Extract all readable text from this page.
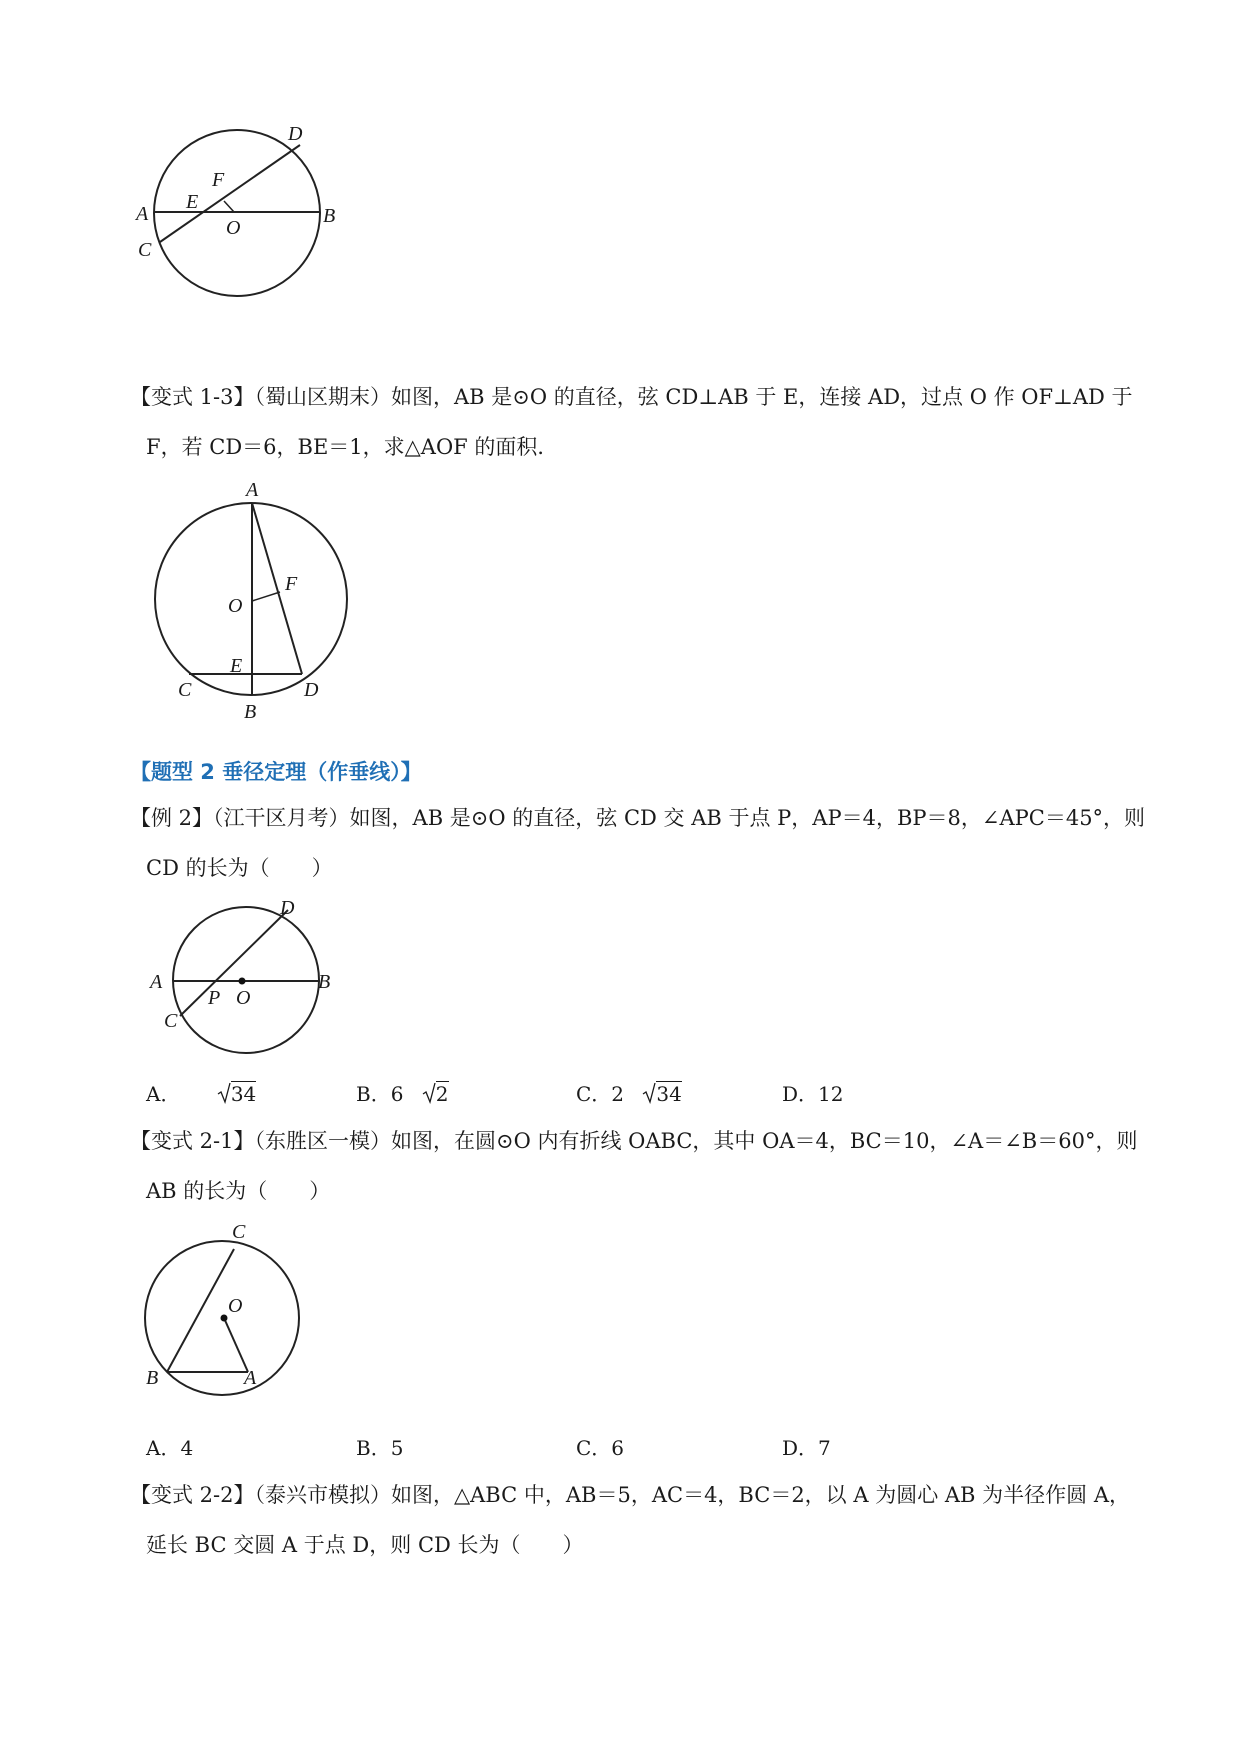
D
F
E
A
O
B
C
【变式 1-3】（蜀山区期末）如图，AB 是⊙O 的直径，弦 CD⊥AB 于 E，连接 AD，过点 O 作 OF⊥AD 于
F，若 CD＝6，BE＝1，求△AOF 的面积．
A
F
O
E
C
B
D
【题型 2 垂径定理（作垂线）】
【例 2】（江干区月考）如图，AB 是⊙O 的直径，弦 CD 交 AB 于点 P，AP＝4，BP＝8，∠APC＝45°，则
CD 的长为（　　）
D
A
P O
B
C
A．	34	B．6 2	C．2 34	D．12
【变式 2-1】（东胜区一模）如图，在圆⊙O 内有折线 OABC，其中 OA＝4，BC＝10，∠A＝∠B＝60°，则
AB 的长为（　　）
C
O
B	A
A．4	B．5	C．6	D．7
【变式 2-2】（泰兴市模拟）如图，△ABC 中，AB＝5，AC＝4，BC＝2，以 A 为圆心 AB 为半径作圆 A，
延长 BC 交圆 A 于点 D，则 CD 长为（　　）
